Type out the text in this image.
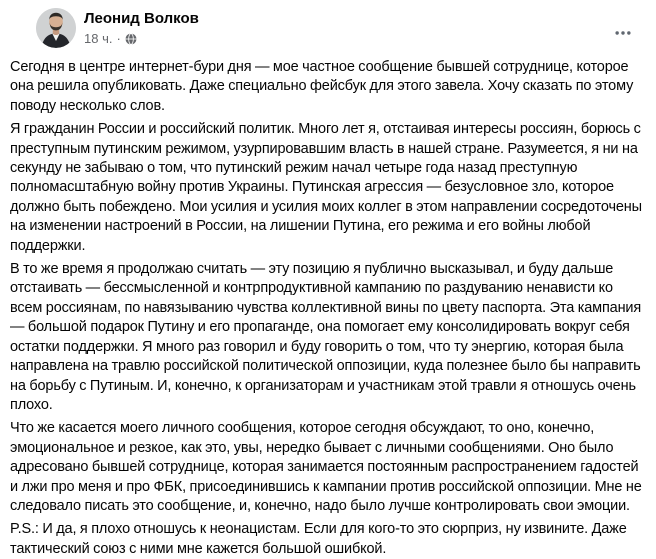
Леонид Волков
18 ч. ·

Сегодня в центре интернет-бури дня — мое частное сообщение бывшей сотруднице, которое она решила опубликовать. Даже специально фейсбук для этого завела. Хочу сказать по этому поводу несколько слов.

Я гражданин России и российский политик. Много лет я, отстаивая интересы россиян, борюсь с преступным путинским режимом, узурпировавшим власть в нашей стране. Разумеется, я ни на секунду не забываю о том, что путинский режим начал четыре года назад преступную полномасштабную войну против Украины. Путинская агрессия — безусловное зло, которое должно быть побеждено. Мои усилия и усилия моих коллег в этом направлении сосредоточены на изменении настроений в России, на лишении Путина, его режима и его войны любой поддержки.

В то же время я продолжаю считать — эту позицию я публично высказывал, и буду дальше отстаивать — бессмысленной и контрпродуктивной кампанию по раздуванию ненависти ко всем россиянам, по навязыванию чувства коллективной вины по цвету паспорта. Эта кампания — большой подарок Путину и его пропаганде, она помогает ему консолидировать вокруг себя остатки поддержки. Я много раз говорил и буду говорить о том, что ту энергию, которая была направлена на травлю российской политической оппозиции, куда полезнее было бы направить на борьбу с Путиным. И, конечно, к организаторам и участникам этой травли я отношусь очень плохо.

Что же касается моего личного сообщения, которое сегодня обсуждают, то оно, конечно, эмоциональное и резкое, как это, увы, нередко бывает с личными сообщениями. Оно было адресовано бывшей сотруднице, которая занимается постоянным распространением гадостей и лжи про меня и про ФБК, присоединившись к кампании против российской оппозиции. Мне не следовало писать это сообщение, и, конечно, надо было лучше контролировать свои эмоции.

P.S.: И да, я плохо отношусь к неонацистам. Если для кого-то это сюрприз, ну извините. Даже тактический союз с ними мне кажется большой ошибкой.
